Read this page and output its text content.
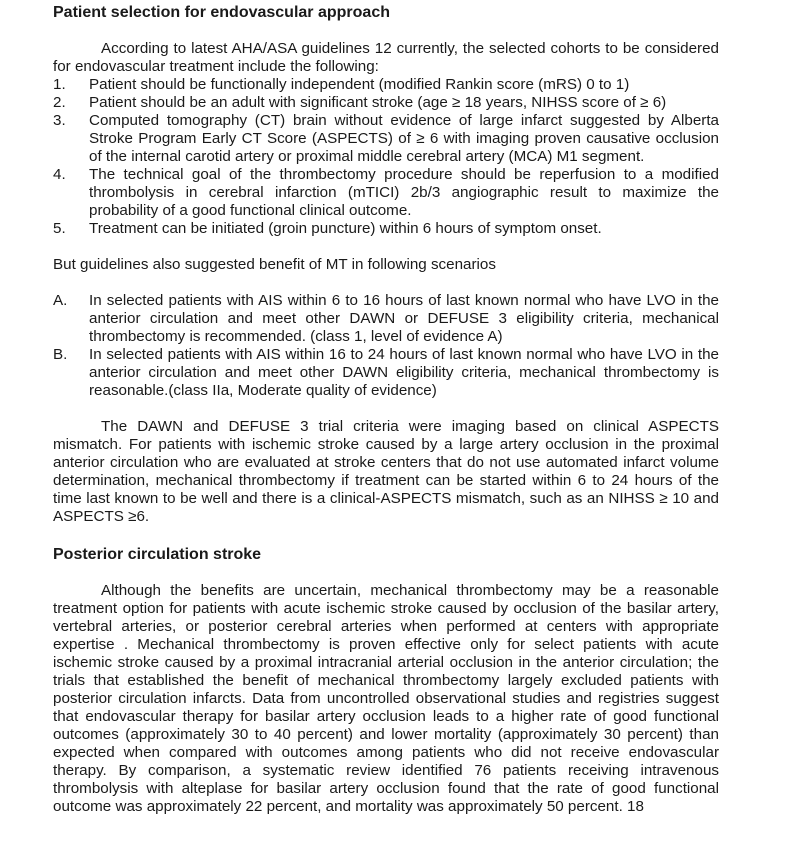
Patient selection for endovascular approach

According to latest AHA/ASA guidelines 12 currently, the selected cohorts to be considered for endovascular treatment include the following:

1.	Patient should be functionally independent (modified Rankin score (mRS) 0 to 1)
2.	Patient should be an adult with significant stroke (age ≥ 18 years, NIHSS score of ≥ 6)
3.	Computed tomography (CT) brain without evidence of large infarct suggested by Alberta Stroke Program Early CT Score (ASPECTS) of ≥ 6 with imaging proven causative occlusion of the internal carotid artery or proximal middle cerebral artery (MCA) M1 segment.
4.	The technical goal of the thrombectomy procedure should be reperfusion to a modified thrombolysis in cerebral infarction (mTICI) 2b/3 angiographic result to maximize the probability of a good functional clinical outcome.
5.	Treatment can be initiated (groin puncture) within 6 hours of symptom onset.

But guidelines also suggested benefit of MT in following scenarios

A.	In selected patients with AIS within 6 to 16 hours of last known normal who have LVO in the anterior circulation and meet other DAWN or DEFUSE 3 eligibility criteria, mechanical thrombectomy is recommended. (class 1, level of evidence A)
B.	In selected patients with AIS within 16 to 24 hours of last known normal who have LVO in the anterior circulation and meet other DAWN eligibility criteria, mechanical thrombectomy is reasonable.(class IIa, Moderate quality of evidence)

The DAWN and DEFUSE 3 trial criteria were imaging based on clinical ASPECTS mismatch. For patients with ischemic stroke caused by a large artery occlusion in the proximal anterior circulation who are evaluated at stroke centers that do not use automated infarct volume determination, mechanical thrombectomy if treatment can be started within 6 to 24 hours of the time last known to be well and there is a clinical-ASPECTS mismatch, such as an NIHSS ≥ 10 and ASPECTS ≥6.

Posterior circulation stroke

Although the benefits are uncertain, mechanical thrombectomy may be a reasonable treatment option for patients with acute ischemic stroke caused by occlusion of the basilar artery, vertebral arteries, or posterior cerebral arteries when performed at centers with appropriate expertise . Mechanical thrombectomy is proven effective only for select patients with acute ischemic stroke caused by a proximal intracranial arterial occlusion in the anterior circulation; the trials that established the benefit of mechanical thrombectomy largely excluded patients with posterior circulation infarcts. Data from uncontrolled observational studies and registries suggest that endovascular therapy for basilar artery occlusion leads to a higher rate of good functional outcomes (approximately 30 to 40 percent) and lower mortality (approximately 30 percent) than expected when compared with outcomes among patients who did not receive endovascular therapy. By comparison, a systematic review identified 76 patients receiving intravenous thrombolysis with alteplase for basilar artery occlusion found that the rate of good functional outcome was approximately 22 percent, and mortality was approximately 50 percent. 18
